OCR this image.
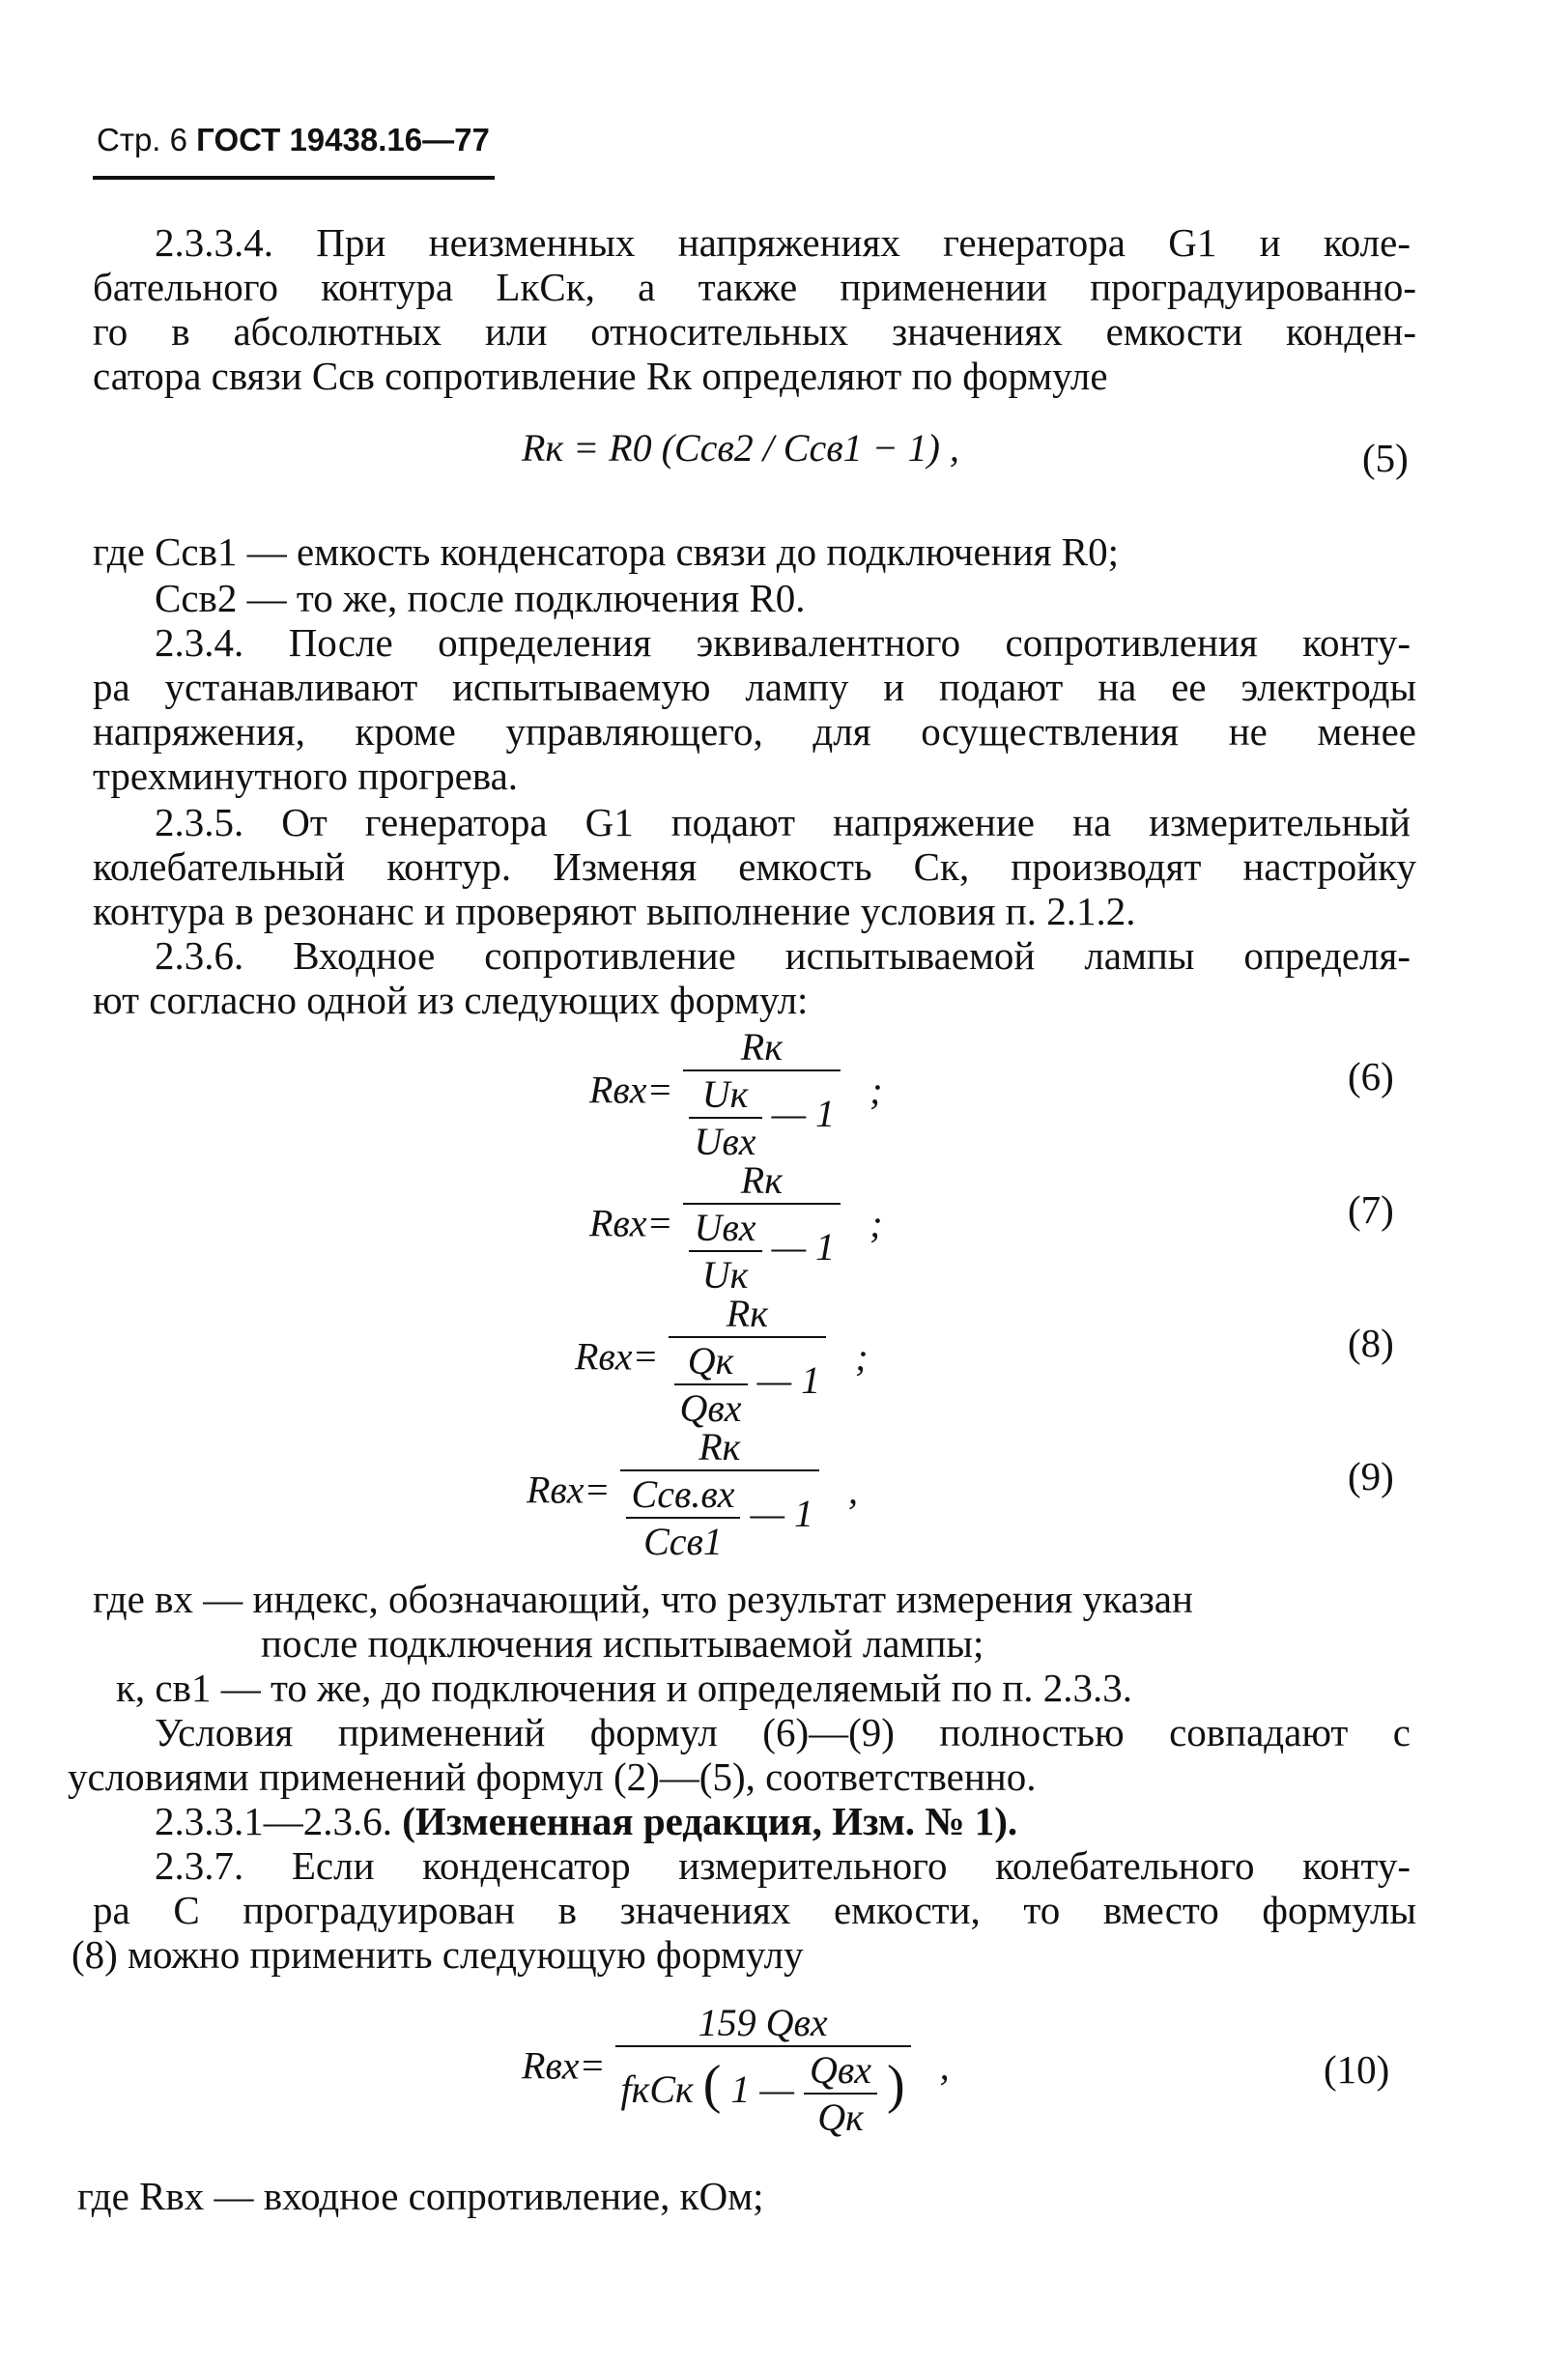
Стр. 6 ГОСТ 19438.16—77
2.3.3.4. При неизменных напряжениях генератора G1 и коле-
бательного контура LкCк, а также применении проградуированно-
го в абсолютных или относительных значениях емкости конден-
сатора связи Cсв сопротивление Rк определяют по формуле
Rк = R0 (Cсв2 / Cсв1 − 1) ,	(5)
где Cсв1 — емкость конденсатора связи до подключения R0;
Cсв2 — то же, после подключения R0.
2.3.4. После определения эквивалентного сопротивления конту-
ра устанавливают испытываемую лампу и подают на ее электроды
напряжения, кроме управляющего, для осуществления не менее
трехминутного прогрева.
2.3.5. От генератора G1 подают напряжение на измерительный
колебательный контур. Изменяя емкость Cк, производят настройку
контура в резонанс и проверяют выполнение условия п. 2.1.2.
2.3.6. Входное сопротивление испытываемой лампы определя-
ют согласно одной из следующих формул:
$Rвх= \frac{Rк}{\frac{Uк}{\text{Uвх}} — 1}$ ;	(6)
$Rвх= \frac{Rк}{\frac{\text{Uвх}}{Uк} — 1}$ ;	(7)
$Rвх= \frac{Rк}{\frac{Qк}{\text{Qвх}} — 1}$ ;	(8)
$Rвх= \frac{Rк}{\frac{\text{Cсв.вх}}{\text{Cсв1}} — 1}$ ,	(9)
где вх — индекс, обозначающий, что результат измерения указан
после подключения испытываемой лампы;
к, св1 — то же, до подключения и определяемый по п. 2.3.3.
Условия применений формул (6)—(9) полностью совпадают с
условиями применений формул (2)—(5), соответственно.
2.3.3.1—2.3.6. (Измененная редакция, Изм. № 1).
2.3.7. Если конденсатор измерительного колебательного конту-
ра C проградуирован в значениях емкости, то вместо формулы
(8) можно применить следующую формулу
Rвх=
159 Qвх
fкCк ( 1 — $\frac{\text{Qвх}}{Qк}$ ) ,	(10)
где Rвх — входное сопротивление, кОм;
